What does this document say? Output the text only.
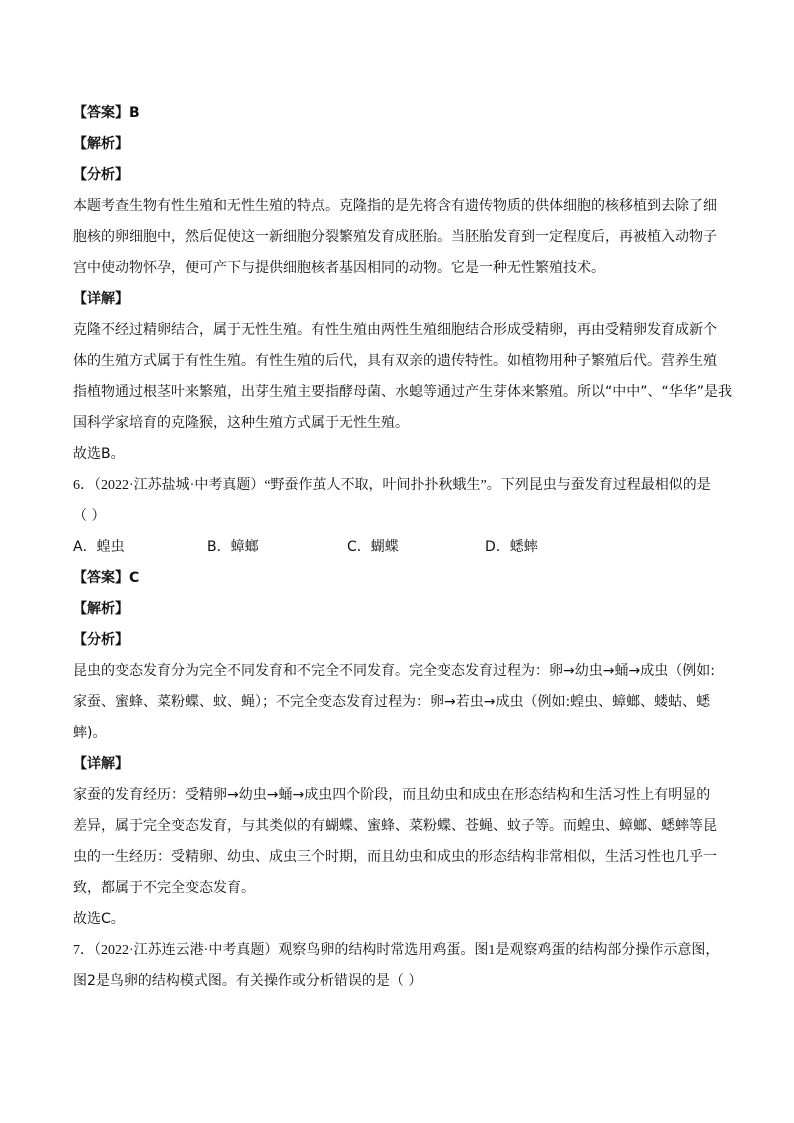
【答案】B
【解析】
【分析】
本题考查生物有性生殖和无性生殖的特点。克隆指的是先将含有遗传物质的供体细胞的核移植到去除了细
胞核的卵细胞中，然后促使这一新细胞分裂繁殖发育成胚胎。当胚胎发育到一定程度后，再被植入动物子
宫中使动物怀孕，便可产下与提供细胞核者基因相同的动物。它是一种无性繁殖技术。
【详解】
克隆不经过精卵结合，属于无性生殖。有性生殖由两性生殖细胞结合形成受精卵，再由受精卵发育成新个
体的生殖方式属于有性生殖。有性生殖的后代，具有双亲的遗传特性。如植物用种子繁殖后代。营养生殖
指植物通过根茎叶来繁殖，出芽生殖主要指酵母菌、水螅等通过产生芽体来繁殖。所以“中中”、“华华”是我
国科学家培育的克隆猴，这种生殖方式属于无性生殖。
故选B。
6．（2022·江苏盐城·中考真题）“野蚕作茧人不取，叶间扑扑秋蛾生”。下列昆虫与蚕发育过程最相似的是
（ ）
A．蝗虫	B．蟑螂	C．蝴蝶	D．蟋蟀
【答案】C
【解析】
【分析】
昆虫的变态发育分为完全不同发育和不完全不同发育。完全变态发育过程为：卵→幼虫→蛹→成虫（例如:
家蚕、蜜蜂、菜粉蝶、蚊、蝇）；不完全变态发育过程为：卵→若虫→成虫（例如:蝗虫、蟑螂、蝼蛄、蟋
蟀)。
【详解】
家蚕的发育经历：受精卵→幼虫→蛹→成虫四个阶段，而且幼虫和成虫在形态结构和生活习性上有明显的
差异，属于完全变态发育，与其类似的有蝴蝶、蜜蜂、菜粉蝶、苍蝇、蚊子等。而蝗虫、蟑螂、蟋蟀等昆
虫的一生经历：受精卵、幼虫、成虫三个时期，而且幼虫和成虫的形态结构非常相似，生活习性也几乎一
致，都属于不完全变态发育。
故选C。
7．（2022·江苏连云港·中考真题）观察鸟卵的结构时常选用鸡蛋。图1是观察鸡蛋的结构部分操作示意图，
图2是鸟卵的结构模式图。有关操作或分析错误的是（ ）
